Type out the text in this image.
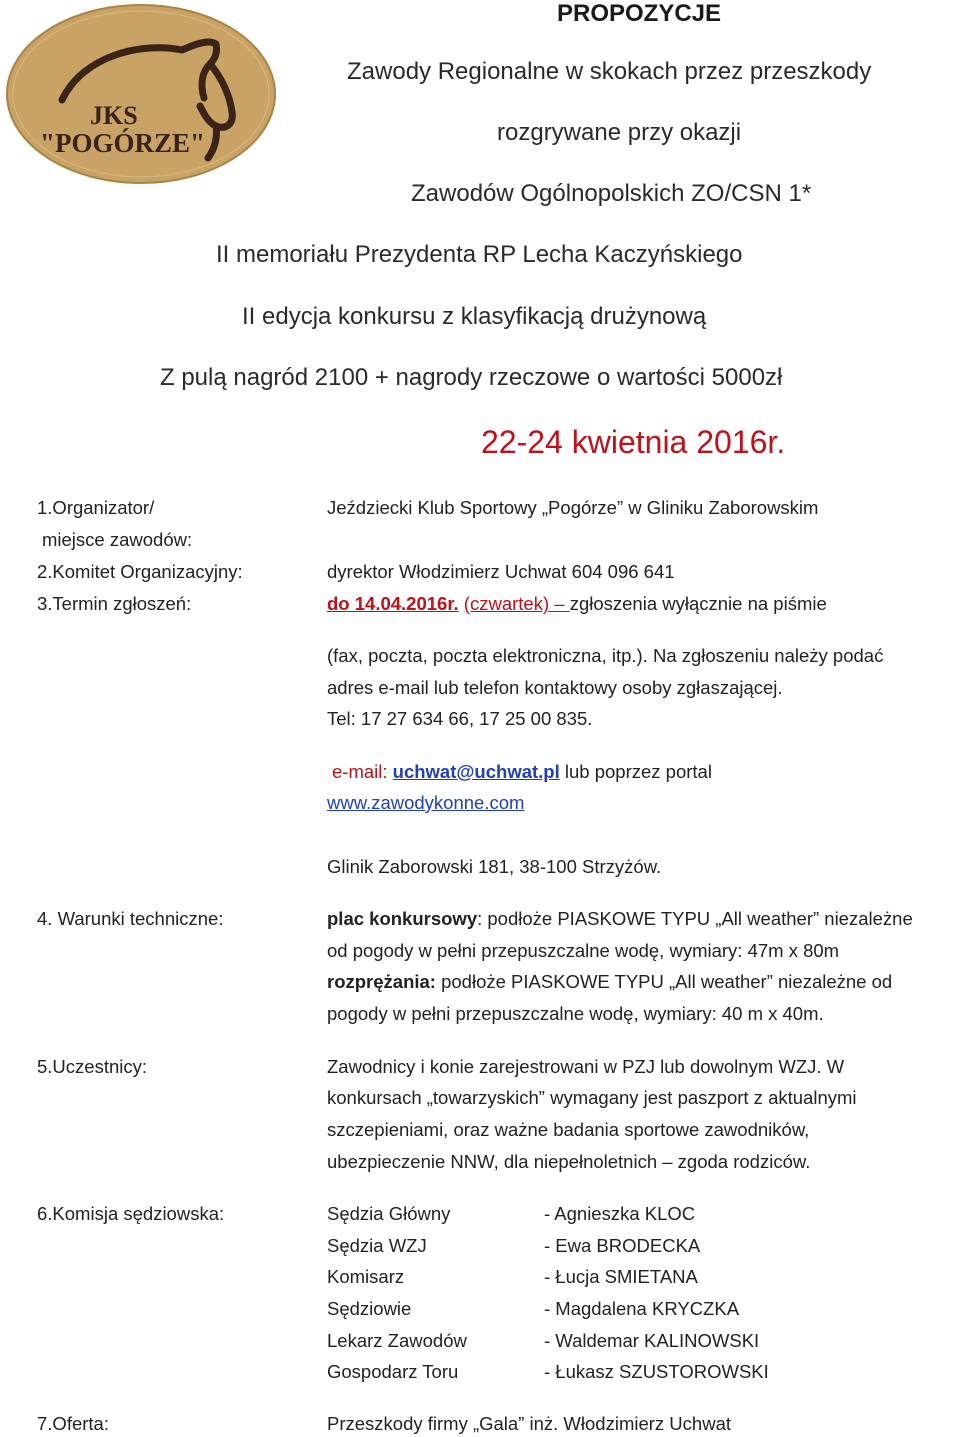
JKS
"POGÓRZE"
PROPOZYCJE
Zawody Regionalne w skokach przez przeszkody
rozgrywane przy okazji
Zawodów Ogólnopolskich ZO/CSN 1*
II memoriału Prezydenta RP Lecha Kaczyńskiego
II edycja konkursu z klasyfikacją drużynową
Z pulą nagród 2100 + nagrody rzeczowe o wartości 5000zł
22-24 kwietnia 2016r.
1.Organizator/
miejsce zawodów:
Jeździecki Klub Sportowy „Pogórze” w Gliniku Zaborowskim
2.Komitet Organizacyjny:	dyrektor Włodzimierz Uchwat 604 096 641
3.Termin zgłoszeń:	do 14.04.2016r. (czwartek) – zgłoszenia wyłącznie na piśmie
(fax, poczta, poczta elektroniczna, itp.). Na zgłoszeniu należy podać
adres e-mail lub telefon kontaktowy osoby zgłaszającej.
Tel: 17 27 634 66, 17 25 00 835.
e-mail: uchwat@uchwat.pl lub poprzez portal
www.zawodykonne.com
Glinik Zaborowski 181, 38-100 Strzyżów.
4. Warunki techniczne:	plac konkursowy: podłoże PIASKOWE TYPU „All weather” niezależne
od pogody w pełni przepuszczalne wodę, wymiary: 47m x 80m
rozprężania: podłoże PIASKOWE TYPU „All weather” niezależne od
pogody w pełni przepuszczalne wodę, wymiary: 40 m x 40m.
5.Uczestnicy:	Zawodnicy i konie zarejestrowani w PZJ lub dowolnym WZJ. W
konkursach „towarzyskich” wymagany jest paszport z aktualnymi
szczepieniami, oraz ważne badania sportowe zawodników,
ubezpieczenie NNW, dla niepełnoletnich – zgoda rodziców.
6.Komisja sędziowska:	Sędzia Główny	- Agnieszka KLOC
Sędzia WZJ	- Ewa BRODECKA
Komisarz	- Łucja SMIETANA
Sędziowie	- Magdalena KRYCZKA
Lekarz Zawodów	- Waldemar KALINOWSKI
Gospodarz Toru	- Łukasz SZUSTOROWSKI
7.Oferta:	Przeszkody firmy „Gala” inż. Włodzimierz Uchwat
